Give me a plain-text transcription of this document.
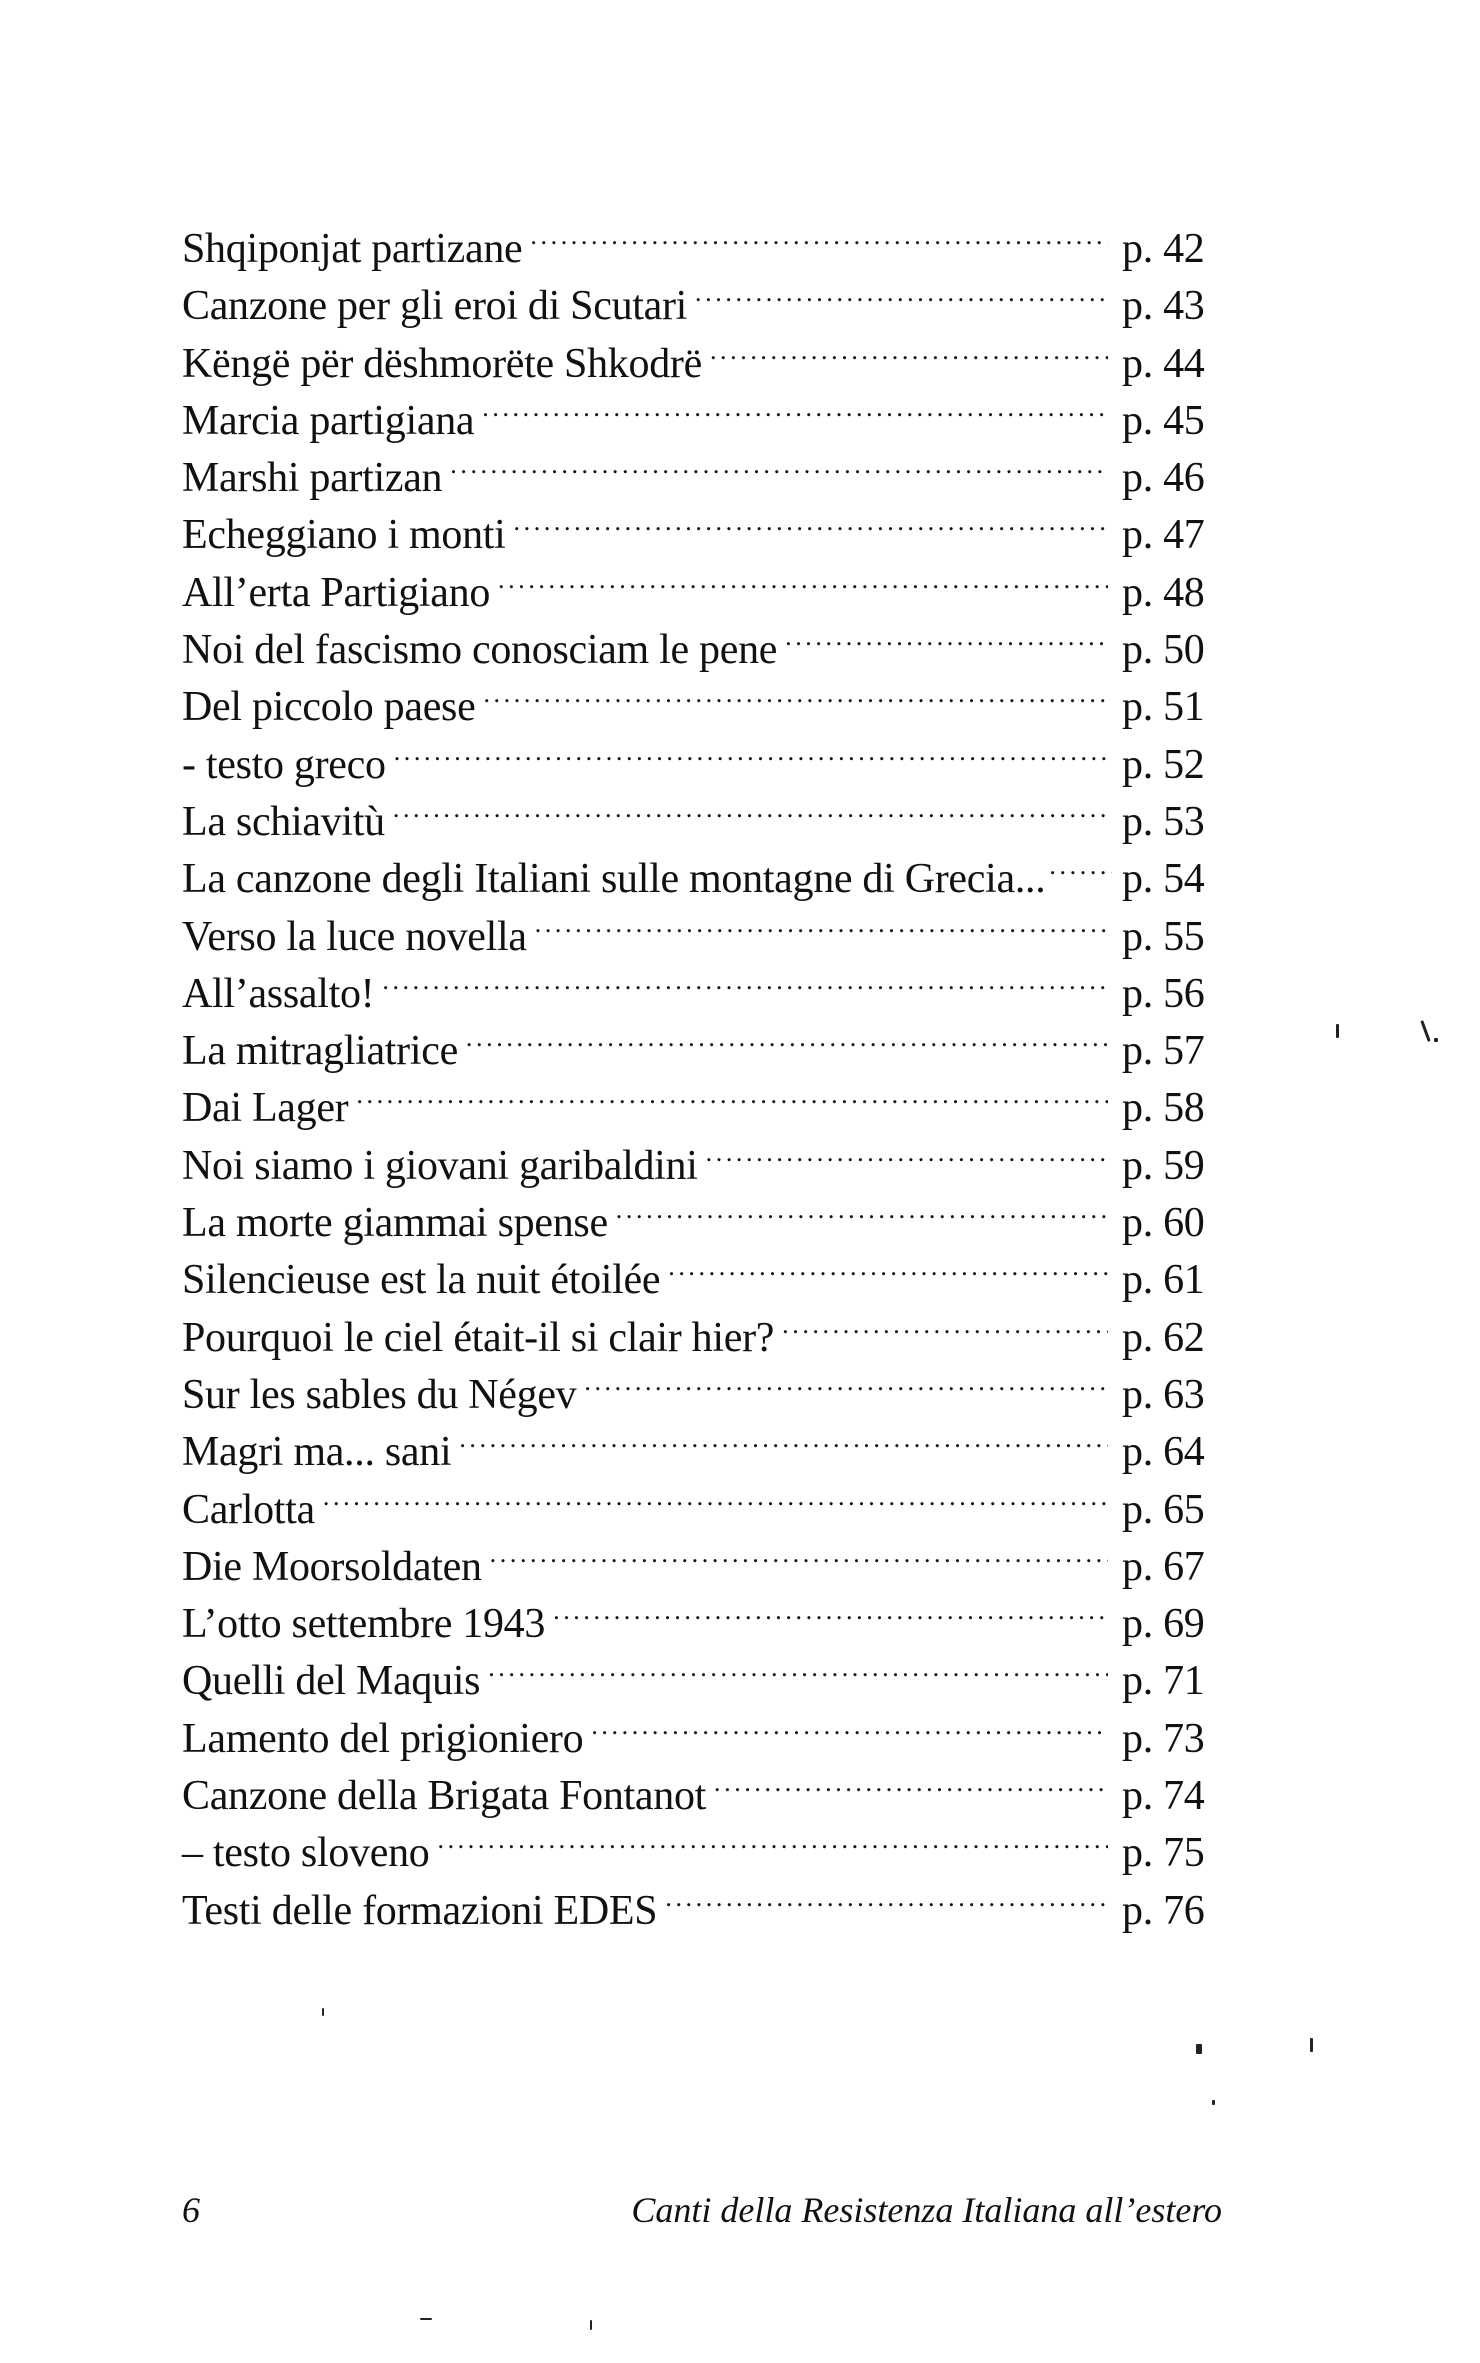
Shqiponjat partizane .....	p. 42
Canzone per gli eroi di Scutari .....	p. 43
Këngë për dëshmorëte Shkodrë .....	p. 44
Marcia partigiana .....	p. 45
Marshi partizan .....	p. 46
Echeggiano i monti .....	p. 47
All’erta Partigiano .....	p. 48
Noi del fascismo conosciam le pene .....	p. 50
Del piccolo paese .....	p. 51
- testo greco .....	p. 52
La schiavitù .....	p. 53
La canzone degli Italiani sulle montagne di Grecia... ..... p. 54
Verso la luce novella .....	p. 55
All’assalto! .....	p. 56
La mitragliatrice .....	p. 57
Dai Lager .....	p. 58
Noi siamo i giovani garibaldini .....	p. 59
La morte giammai spense .....	p. 60
Silencieuse est la nuit étoilée .....	p. 61
Pourquoi le ciel était-il si clair hier? .....	p. 62
Sur les sables du Négev .....	p. 63
Magri ma... sani .....	p. 64
Carlotta .....	p. 65
Die Moorsoldaten .....	p. 67
L’otto settembre 1943 .....	p. 69
Quelli del Maquis .....	p. 71
Lamento del prigioniero .....	p. 73
Canzone della Brigata Fontanot .....	p. 74
– testo sloveno .....	p. 75
Testi delle formazioni EDES .....	p. 76
6	Canti della Resistenza Italiana all’estero
